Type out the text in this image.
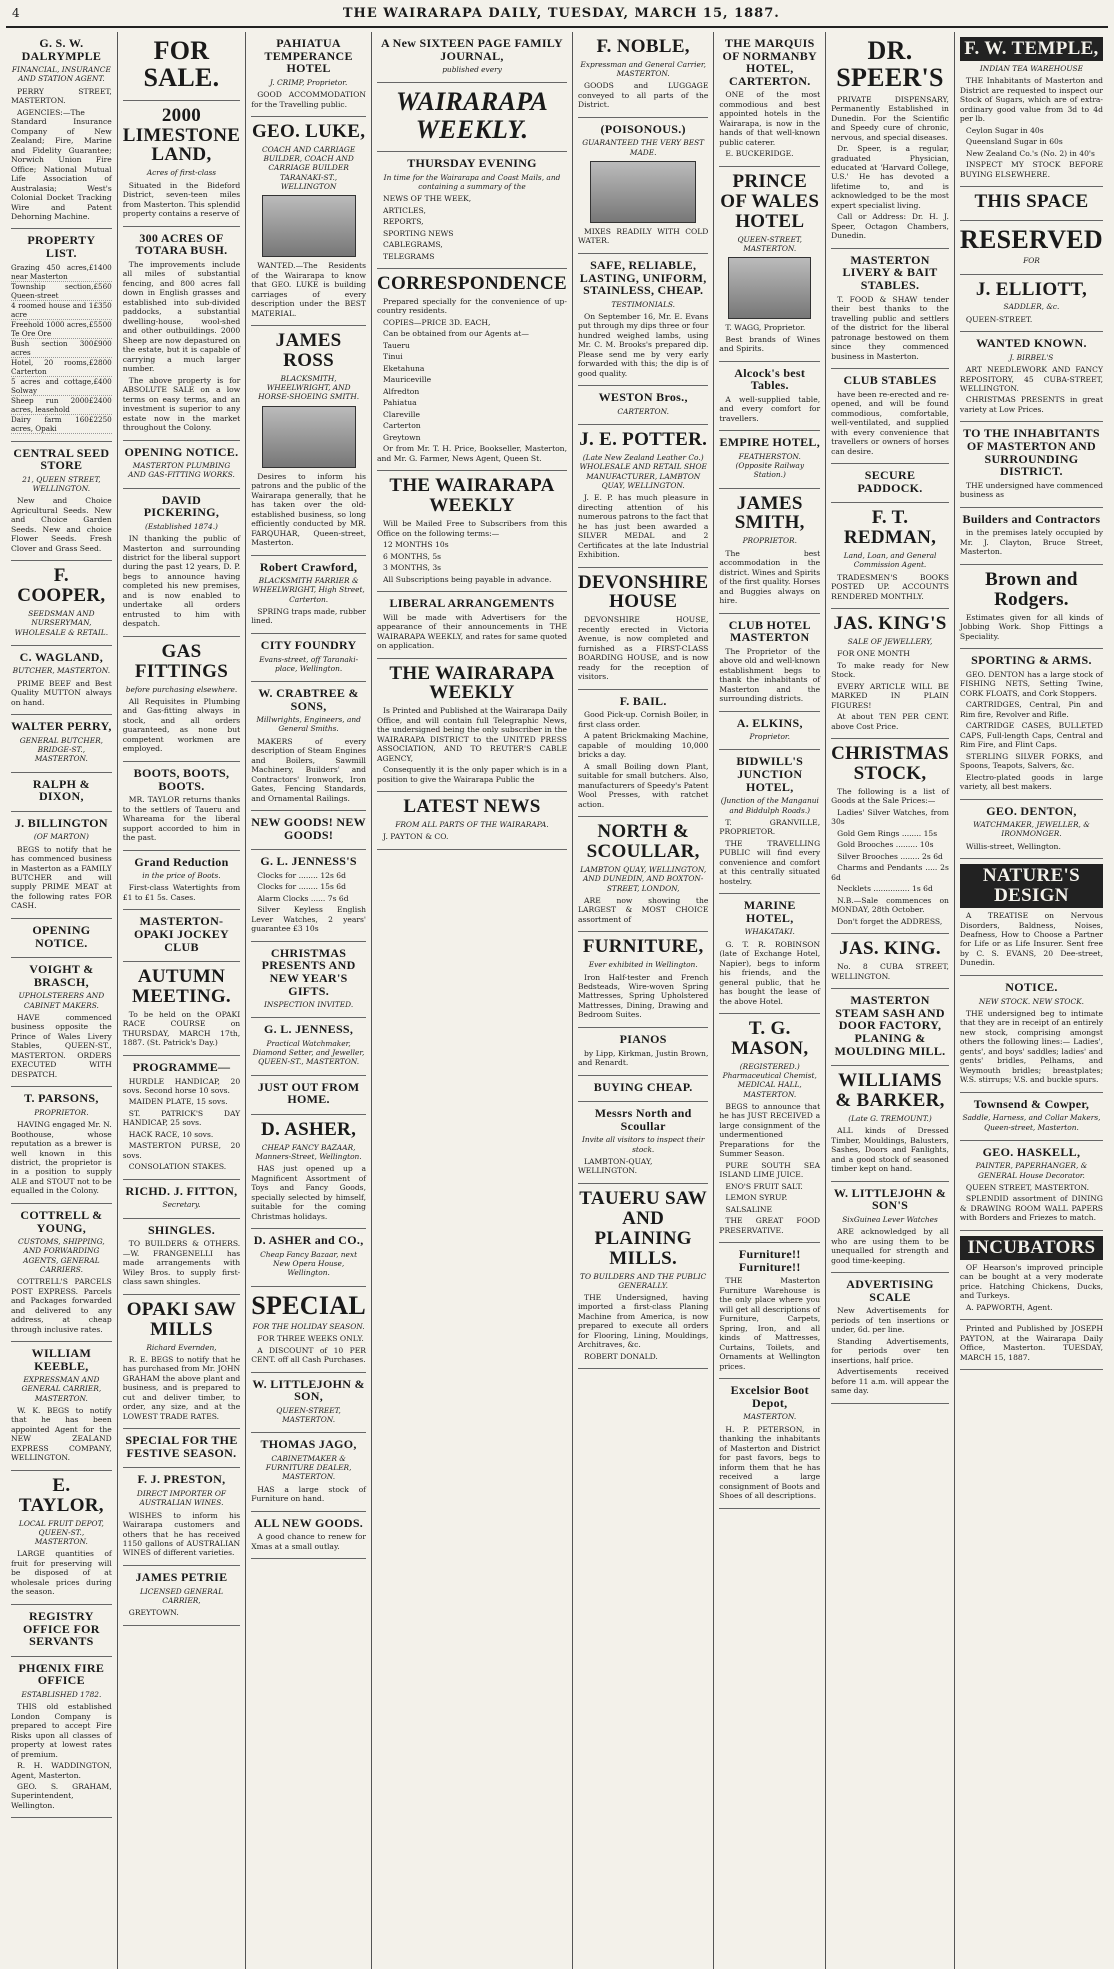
4	THE WAIRARAPA DAILY, TUESDAY, MARCH 15, 1887.
G. S. W. DALRYMPLE
FINANCIAL, INSURANCE AND STATION AGENT.

PERRY STREET, MASTERTON.

AGENCIES:—The Standard Insurance Company of New Zealand; Fire, Marine and Fidelity Guarantee; Norwich Union Fire Office; National Mutual Life Association of Australasia; West's Colonial Docket Tracking Wire and Patent Dehorning Machine.

PROPERTY LIST.
Grazing 450 acres, near Masterton
£1400
Township section, Queen-street
£560
4 roomed house and 1 acre
£350
Freehold 1000 acres, Te Ore Ore
£5500
Bush section 300 acres
£900
Hotel, 20 rooms, Carterton
£2800
5 acres and cottage, Solway
£400
Sheep run 2000 acres, leasehold
£2400
Dairy farm 160 acres, Opaki
£2250
CENTRAL SEED STORE
21, QUEEN STREET, WELLINGTON.

New and Choice Agricultural Seeds. New and Choice Garden Seeds. New and choice Flower Seeds. Fresh Clover and Grass Seed.

F. COOPER,
SEEDSMAN AND NURSERYMAN, WHOLESALE & RETAIL.
C. WAGLAND,
BUTCHER, MASTERTON.

PRIME BEEF and Best Quality MUTTON always on hand.

WALTER PERRY,
GENERAL BUTCHER, BRIDGE-ST., MASTERTON.
RALPH & DIXON,
J. BILLINGTON
(OF MARTON)

BEGS to notify that he has commenced business in Masterton as a FAMILY BUTCHER and will supply PRIME MEAT at the following rates FOR CASH.

OPENING NOTICE.
VOIGHT & BRASCH,
UPHOLSTERERS AND CABINET MAKERS.

HAVE commenced business opposite the Prince of Wales Livery Stables, QUEEN-ST., MASTERTON. ORDERS EXECUTED WITH DESPATCH.

T. PARSONS,
PROPRIETOR.

HAVING engaged Mr. N. Boothouse, whose reputation as a brewer is well known in this district, the proprietor is in a position to supply ALE and STOUT not to be equalled in the Colony.

COTTRELL & YOUNG,
CUSTOMS, SHIPPING, AND FORWARDING AGENTS, GENERAL CARRIERS.

COTTRELL'S PARCELS POST EXPRESS. Parcels and Packages forwarded and delivered to any address, at cheap through inclusive rates.

WILLIAM KEEBLE,
EXPRESSMAN AND GENERAL CARRIER, MASTERTON.

W. K. BEGS to notify that he has been appointed Agent for the NEW ZEALAND EXPRESS COMPANY, WELLINGTON.

E. TAYLOR,
LOCAL FRUIT DEPOT, QUEEN-ST., MASTERTON.

LARGE quantities of fruit for preserving will be disposed of at wholesale prices during the season.

REGISTRY OFFICE FOR SERVANTS
PHŒNIX FIRE OFFICE
ESTABLISHED 1782.

THIS old established London Company is prepared to accept Fire Risks upon all classes of property at lowest rates of premium.

R. H. WADDINGTON, Agent, Masterton.

GEO. S. GRAHAM, Superintendent, Wellington.

FOR SALE.
2000 LIMESTONE LAND,
Acres of first-class

Situated in the Bideford District, seven-teen miles from Masterton. This splendid property contains a reserve of

300 ACRES OF TOTARA BUSH.

The improvements include all miles of substantial fencing, and 800 acres fall down in English grasses and established into sub-divided paddocks, a substantial dwelling-house, wool-shed and other outbuildings. 2000 Sheep are now depastured on the estate, but it is capable of carrying a much larger number.

The above property is for ABSOLUTE SALE on a low terms on easy terms, and an investment is superior to any estate now in the market throughout the Colony.

OPENING NOTICE.
MASTERTON PLUMBING AND GAS-FITTING WORKS.
DAVID PICKERING,
(Established 1874.)

IN thanking the public of Masterton and surrounding district for the liberal support during the past 12 years, D. P. begs to announce having completed his new premises, and is now enabled to undertake all orders entrusted to him with despatch.

GAS FITTINGS
before purchasing elsewhere.

All Requisites in Plumbing and Gas-fitting always in stock, and all orders guaranteed, as none but competent workmen are employed.

BOOTS, BOOTS, BOOTS.

MR. TAYLOR returns thanks to the settlers of Taueru and Whareama for the liberal support accorded to him in the past.

Grand Reduction
in the price of Boots.

First-class Watertights from £1 to £1 5s. Cases.

MASTERTON-OPAKI JOCKEY CLUB
AUTUMN MEETING.

To be held on the OPAKI RACE COURSE on THURSDAY, MARCH 17th, 1887. (St. Patrick's Day.)

PROGRAMME—

HURDLE HANDICAP, 20 sovs. Second horse 10 sovs.

MAIDEN PLATE, 15 sovs.

ST. PATRICK'S DAY HANDICAP, 25 sovs.

HACK RACE, 10 sovs.

MASTERTON PURSE, 20 sovs.

CONSOLATION STAKES.

RICHD. J. FITTON,
Secretary.
SHINGLES.

TO BUILDERS & OTHERS.—W. FRANGENELLI has made arrangements with Wiley Bros. to supply first-class sawn shingles.

OPAKI SAW MILLS
Richard Evernden,

R. E. BEGS to notify that he has purchased from Mr. JOHN GRAHAM the above plant and business, and is prepared to cut and deliver timber, to order, any size, and at the LOWEST TRADE RATES.

SPECIAL FOR THE FESTIVE SEASON.
F. J. PRESTON,
DIRECT IMPORTER OF AUSTRALIAN WINES.

WISHES to inform his Wairarapa customers and others that he has received 1150 gallons of AUSTRALIAN WINES of different varieties.

JAMES PETRIE
LICENSED GENERAL CARRIER,

GREYTOWN.

PAHIATUA TEMPERANCE HOTEL
J. CRIMP, Proprietor.

GOOD ACCOMMODATION for the Travelling public.

GEO. LUKE,
COACH AND CARRIAGE BUILDER, COACH AND CARRIAGE BUILDER TARANAKI-ST., WELLINGTON

WANTED.—The Residents of the Wairarapa to know that GEO. LUKE is building carriages of every description under the BEST MATERIAL.

JAMES ROSS
BLACKSMITH, WHEELWRIGHT, AND HORSE-SHOEING SMITH.

Desires to inform his patrons and the public of the Wairarapa generally, that he has taken over the old-established business, so long efficiently conducted by MR. FARQUHAR, Queen-street, Masterton.

Robert Crawford,
BLACKSMITH FARRIER & WHEELWRIGHT, High Street, Carterton.

SPRING traps made, rubber lined.

CITY FOUNDRY
Evans-street, off Taranaki-place, Wellington.
W. CRABTREE & SONS,
Millwrights, Engineers, and General Smiths.

MAKERS of every description of Steam Engines and Boilers, Sawmill Machinery, Builders' and Contractors' Ironwork, Iron Gates, Fencing Standards, and Ornamental Railings.

NEW GOODS! NEW GOODS!
G. L. JENNESS'S

Clocks for ........ 12s 6d

Clocks for ........ 15s 6d

Alarm Clocks ...... 7s 6d

Silver Keyless English Lever Watches, 2 years' guarantee £3 10s

CHRISTMAS PRESENTS AND NEW YEAR'S GIFTS.
INSPECTION INVITED.
G. L. JENNESS,
Practical Watchmaker, Diamond Setter, and Jeweller, QUEEN-ST., MASTERTON.
JUST OUT FROM HOME.
D. ASHER,
CHEAP FANCY BAZAAR, Manners-Street, Wellington.

HAS just opened up a Magnificent Assortment of Toys and Fancy Goods, specially selected by himself, suitable for the coming Christmas holidays.

D. ASHER and CO.,
Cheap Fancy Bazaar, next New Opera House, Wellington.
SPECIAL
FOR THE HOLIDAY SEASON.

FOR THREE WEEKS ONLY.

A DISCOUNT of 10 PER CENT. off all Cash Purchases.

W. LITTLEJOHN & SON,
QUEEN-STREET, MASTERTON.
THOMAS JAGO,
CABINETMAKER & FURNITURE DEALER, MASTERTON.

HAS a large stock of Furniture on hand.

ALL NEW GOODS.

A good chance to renew for Xmas at a small outlay.

A New SIXTEEN PAGE FAMILY JOURNAL,
published every
WAIRARAPA WEEKLY.
THURSDAY EVENING
In time for the Wairarapa and Coast Mails, and containing a summary of the

NEWS OF THE WEEK,

ARTICLES,

REPORTS,

SPORTING NEWS

CABLEGRAMS,

TELEGRAMS

CORRESPONDENCE

Prepared specially for the convenience of up-country residents.

COPIES—PRICE 3D. EACH,

Can be obtained from our Agents at—

Taueru

Tinui

Eketahuna

Mauriceville

Alfredton

Pahiatua

Clareville

Carterton

Greytown

Or from Mr. T. H. Price, Bookseller, Masterton, and Mr. G. Farmer, News Agent, Queen St.

THE WAIRARAPA WEEKLY

Will be Mailed Free to Subscribers from this Office on the following terms:—

12 MONTHS 10s

6 MONTHS, 5s

3 MONTHS, 3s

All Subscriptions being payable in advance.

LIBERAL ARRANGEMENTS

Will be made with Advertisers for the appearance of their announcements in THE WAIRARAPA WEEKLY, and rates for same quoted on application.

THE WAIRARAPA WEEKLY

Is Printed and Published at the Wairarapa Daily Office, and will contain full Telegraphic News, the undersigned being the only subscriber in the WAIRARAPA DISTRICT to the UNITED PRESS ASSOCIATION, AND TO REUTER'S CABLE AGENCY,

Consequently it is the only paper which is in a position to give the Wairarapa Public the

LATEST NEWS
FROM ALL PARTS OF THE WAIRARAPA.

J. PAYTON & CO.

F. NOBLE,
Expressman and General Carrier, MASTERTON.

GOODS and LUGGAGE conveyed to all parts of the District.

(POISONOUS.)
GUARANTEED THE VERY BEST MADE.

MIXES READILY WITH COLD WATER.

SAFE, RELIABLE, LASTING, UNIFORM, STAINLESS, CHEAP.
TESTIMONIALS.

On September 16, Mr. E. Evans put through my dips three or four hundred weighed lambs, using Mr. C. M. Brooks's prepared dip. Please send me by very early forwarded with this; the dip is of good quality.

WESTON Bros.,
CARTERTON.
J. E. POTTER.
(Late New Zealand Leather Co.) WHOLESALE AND RETAIL SHOE MANUFACTURER, LAMBTON QUAY, WELLINGTON.

J. E. P. has much pleasure in directing attention of his numerous patrons to the fact that he has just been awarded a SILVER MEDAL and 2 Certificates at the late Industrial Exhibition.

DEVONSHIRE HOUSE

DEVONSHIRE HOUSE, recently erected in Victoria Avenue, is now completed and furnished as a FIRST-CLASS BOARDING HOUSE, and is now ready for the reception of visitors.

F. BAIL.

Good Pick-up. Cornish Boiler, in first class order.

A patent Brickmaking Machine, capable of moulding 10,000 bricks a day.

A small Boiling down Plant, suitable for small butchers. Also, manufacturers of Speedy's Patent Wool Presses, with ratchet action.

NORTH & SCOULLAR,
LAMBTON QUAY, WELLINGTON, AND DUNEDIN, AND BOXTON-STREET, LONDON,

ARE now showing the LARGEST & MOST CHOICE assortment of

FURNITURE,
Ever exhibited in Wellington.

Iron Half-tester and French Bedsteads, Wire-woven Spring Mattresses, Spring Upholstered Mattresses, Dining, Drawing and Bedroom Suites.

PIANOS

by Lipp, Kirkman, Justin Brown, and Renardt.

BUYING CHEAP.
Messrs North and Scoullar
Invite all visitors to inspect their stock.

LAMBTON-QUAY, WELLINGTON.

TAUERU SAW AND PLAINING MILLS.
TO BUILDERS AND THE PUBLIC GENERALLY.

THE Undersigned, having imported a first-class Planing Machine from America, is now prepared to execute all orders for Flooring, Lining, Mouldings, Architraves, &c.

ROBERT DONALD.

THE MARQUIS OF NORMANBY HOTEL, CARTERTON.

ONE of the most commodious and best appointed hotels in the Wairarapa, is now in the hands of that well-known public caterer.

E. BUCKERIDGE.

PRINCE OF WALES HOTEL
QUEEN-STREET, MASTERTON.

T. WAGG, Proprietor.

Best brands of Wines and Spirits.

Alcock's best Tables.

A well-supplied table, and every comfort for travellers.

EMPIRE HOTEL,
FEATHERSTON. (Opposite Railway Station.)
JAMES SMITH,
PROPRIETOR.

The best accommodation in the district. Wines and Spirits of the first quality. Horses and Buggies always on hire.

CLUB HOTEL MASTERTON

The Proprietor of the above old and well-known establishment begs to thank the inhabitants of Masterton and the surrounding districts.

A. ELKINS,
Proprietor.
BIDWILL'S JUNCTION HOTEL,
(Junction of the Manganui and Biddulph Roads.)

T. GRANVILLE, PROPRIETOR.

THE TRAVELLING PUBLIC will find every convenience and comfort at this centrally situated hostelry.

MARINE HOTEL,
WHAKATAKI.

G. T. R. ROBINSON (late of Exchange Hotel, Napier), begs to inform his friends, and the general public, that he has bought the lease of the above Hotel.

T. G. MASON,
(REGISTERED.) Pharmaceutical Chemist, MEDICAL HALL, MASTERTON.

BEGS to announce that he has JUST RECEIVED a large consignment of the undermentioned Preparations for the Summer Season.

PURE SOUTH SEA ISLAND LIME JUICE.

ENO'S FRUIT SALT.

LEMON SYRUP.

SALSALINE

THE GREAT FOOD PRESERVATIVE.

Furniture!! Furniture!!

THE Masterton Furniture Warehouse is the only place where you will get all descriptions of Furniture, Carpets, Spring, Iron, and all kinds of Mattresses, Curtains, Toilets, and Ornaments at Wellington prices.

Excelsior Boot Depot,
MASTERTON.

H. P. PETERSON, in thanking the inhabitants of Masterton and District for past favors, begs to inform them that he has received a large consignment of Boots and Shoes of all descriptions.

DR. SPEER'S

PRIVATE DISPENSARY, Permanently Established in Dunedin. For the Scientific and Speedy cure of chronic, nervous, and special diseases.

Dr. Speer, is a regular, graduated Physician, educated at 'Harvard College, U.S.' He has devoted a lifetime to, and is acknowledged to be the most expert specialist living.

Call or Address: Dr. H. J. Speer, Octagon Chambers, Dunedin.

MASTERTON LIVERY & BAIT STABLES.

T. FOOD & SHAW tender their best thanks to the travelling public and settlers of the district for the liberal patronage bestowed on them since they commenced business in Masterton.

CLUB STABLES

have been re-erected and re-opened, and will be found commodious, comfortable, well-ventilated, and supplied with every convenience that travellers or owners of horses can desire.

SECURE PADDOCK.
F. T. REDMAN,
Land, Loan, and General Commission Agent.

TRADESMEN'S BOOKS POSTED UP. ACCOUNTS RENDERED MONTHLY.

JAS. KING'S
SALE OF JEWELLERY,

FOR ONE MONTH

To make ready for New Stock.

EVERY ARTICLE WILL BE MARKED IN PLAIN FIGURES!

At about TEN PER CENT. above Cost Price.

CHRISTMAS STOCK,

The following is a list of Goods at the Sale Prices:—

Ladies' Silver Watches, from 30s

Gold Gem Rings ........ 15s

Gold Brooches ......... 10s

Silver Brooches ........ 2s 6d

Charms and Pendants ..... 2s 6d

Necklets ............... 1s 6d

N.B.—Sale commences on MONDAY, 28th October.

Don't forget the ADDRESS,

JAS. KING.

No. 8 CUBA STREET, WELLINGTON.

MASTERTON STEAM SASH AND DOOR FACTORY, PLANING & MOULDING MILL.
WILLIAMS & BARKER,
(Late G. TREMOUNT.)

ALL kinds of Dressed Timber, Mouldings, Balusters, Sashes, Doors and Fanlights, and a good stock of seasoned timber kept on hand.

W. LITTLEJOHN & SON'S
SixGuinea Lever Watches

ARE acknowledged by all who are using them to be unequalled for strength and good time-keeping.

ADVERTISING SCALE

New Advertisements for periods of ten insertions or under, 6d. per line.

Standing Advertisements, for periods over ten insertions, half price.

Advertisements received before 11 a.m. will appear the same day.

F. W. TEMPLE,
INDIAN TEA WAREHOUSE

THE Inhabitants of Masterton and District are requested to inspect our Stock of Sugars, which are of extra-ordinary good value from 3d to 4d per lb.

Ceylon Sugar in 40s

Queensland Sugar in 60s

New Zealand Co.'s (No. 2) in 40's

INSPECT MY STOCK BEFORE BUYING ELSEWHERE.

THIS SPACE
RESERVED
FOR
J. ELLIOTT,
SADDLER, &c.

QUEEN-STREET.

WANTED KNOWN.
J. BIRBEL'S

ART NEEDLEWORK AND FANCY REPOSITORY, 45 CUBA-STREET, WELLINGTON.

CHRISTMAS PRESENTS in great variety at Low Prices.

TO THE INHABITANTS OF MASTERTON AND SURROUNDING DISTRICT.

THE undersigned have commenced business as

Builders and Contractors

in the premises lately occupied by Mr. J. Clayton, Bruce Street, Masterton.

Brown and Rodgers.

Estimates given for all kinds of Jobbing Work. Shop Fittings a Speciality.

SPORTING & ARMS.

GEO. DENTON has a large stock of FISHING NETS, Setting Twine, CORK FLOATS, and Cork Stoppers.

CARTRIDGES, Central, Pin and Rim fire, Revolver and Rifle.

CARTRIDGE CASES, BULLETED CAPS, Full-length Caps, Central and Rim Fire, and Flint Caps.

STERLING SILVER FORKS, and Spoons, Teapots, Salvers, &c.

Electro-plated goods in large variety, all best makers.

GEO. DENTON,
WATCHMAKER, JEWELLER, & IRONMONGER.

Willis-street, Wellington.

NATURE'S DESIGN

A TREATISE on Nervous Disorders, Baldness, Noises, Deafness, How to Choose a Partner for Life or as Life Insurer. Sent free by C. S. EVANS, 20 Dee-street, Dunedin.

NOTICE.
NEW STOCK. NEW STOCK.

THE undersigned beg to intimate that they are in receipt of an entirely new stock, comprising amongst others the following lines:— Ladies', gents', and boys' saddles; ladies' and gents' bridles, Pelhams, and Weymouth bridles; breastplates; W.S. stirrups; V.S. and buckle spurs.

Townsend & Cowper,
Saddle, Harness, and Collar Makers, Queen-street, Masterton.
GEO. HASKELL,
PAINTER, PAPERHANGER, & GENERAL House Decorator.

QUEEN STREET, MASTERTON.

SPLENDID assortment of DINING & DRAWING ROOM WALL PAPERS with Borders and Friezes to match.

INCUBATORS

OF Hearson's improved principle can be bought at a very moderate price. Hatching Chickens, Ducks, and Turkeys.

A. PAPWORTH, Agent.

Printed and Published by JOSEPH PAYTON, at the Wairarapa Daily Office, Masterton. TUESDAY, MARCH 15, 1887.
